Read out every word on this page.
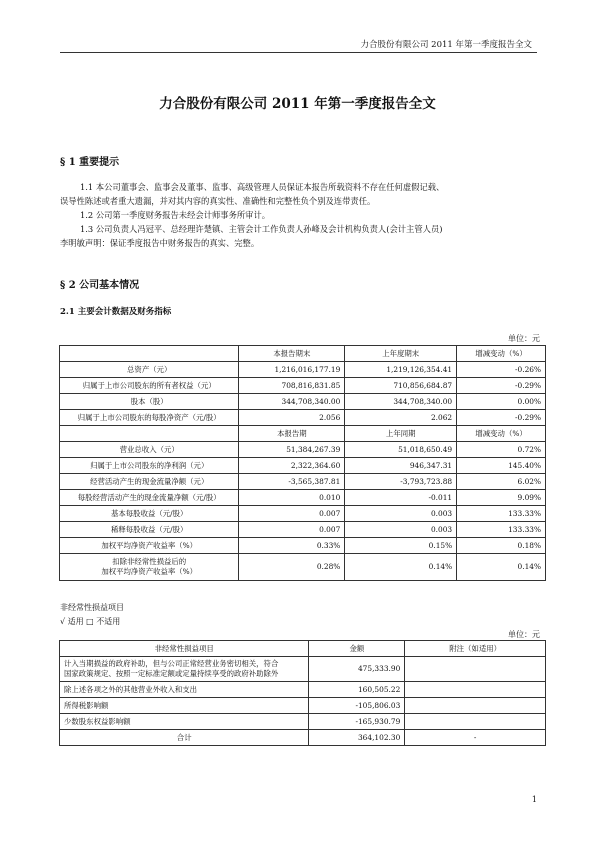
力合股份有限公司 2011 年第一季度报告全文
力合股份有限公司 2011 年第一季度报告全文
§ 1 重要提示
1.1 本公司董事会、监事会及董事、监事、高级管理人员保证本报告所载资料不存在任何虚假记载、
误导性陈述或者重大遗漏，并对其内容的真实性、准确性和完整性负个别及连带责任。
1.2 公司第一季度财务报告未经会计师事务所审计。
1.3 公司负责人冯冠平、总经理许楚镇、主管会计工作负责人孙峰及会计机构负责人(会计主管人员)
李明敏声明：保证季度报告中财务报告的真实、完整。
§ 2 公司基本情况
2.1 主要会计数据及财务指标
单位：元
	本报告期末	上年度期末	增减变动（%）
总资产（元）	1,216,016,177.19	1,219,126,354.41	-0.26%
归属于上市公司股东的所有者权益（元）	708,816,831.85	710,856,684.87	-0.29%
股本（股）	344,708,340.00	344,708,340.00	0.00%
归属于上市公司股东的每股净资产（元/股）	2.056	2.062	-0.29%
	本报告期	上年同期	增减变动（%）
营业总收入（元）	51,384,267.39	51,018,650.49	0.72%
归属于上市公司股东的净利润（元）	2,322,364.60	946,347.31	145.40%
经营活动产生的现金流量净额（元）	-3,565,387.81	-3,793,723.88	6.02%
每股经营活动产生的现金流量净额（元/股）	0.010	-0.011	9.09%
基本每股收益（元/股）	0.007	0.003	133.33%
稀释每股收益（元/股）	0.007	0.003	133.33%
加权平均净资产收益率（%）	0.33%	0.15%	0.18%

扣除非经常性损益后的
加权平均净资产收益率（%）	0.28%	0.14%	0.14%
非经常性损益项目
√ 适用 □ 不适用
单位：元
非经常性损益项目	金额	附注（如适用）

计入当期损益的政府补助，但与公司正常经营业务密切相关，符合
国家政策规定、按照一定标准定额或定量持续享受的政府补助除外	475,333.90	
除上述各项之外的其他营业外收入和支出	160,505.22	
所得税影响额	-105,806.03	
少数股东权益影响额	-165,930.79	
合计	364,102.30	-
1
